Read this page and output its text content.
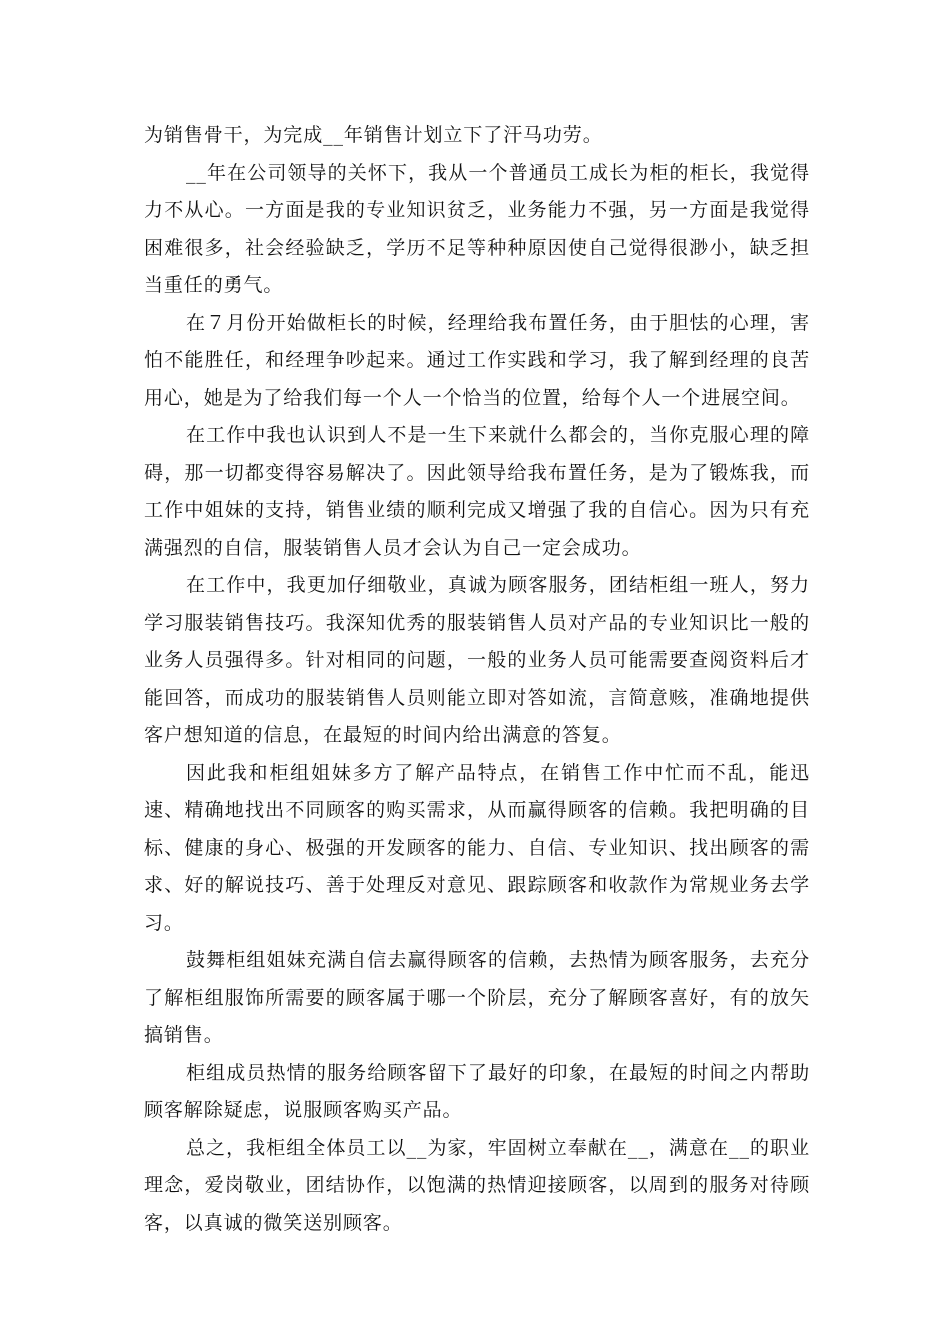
为销售骨干，为完成__年销售计划立下了汗马功劳。

__年在公司领导的关怀下，我从一个普通员工成长为柜的柜长，我觉得力不从心。一方面是我的专业知识贫乏，业务能力不强，另一方面是我觉得困难很多，社会经验缺乏，学历不足等种种原因使自己觉得很渺小，缺乏担当重任的勇气。

在７月份开始做柜长的时候，经理给我布置任务，由于胆怯的心理，害怕不能胜任，和经理争吵起来。通过工作实践和学习，我了解到经理的良苦用心，她是为了给我们每一个人一个恰当的位置，给每个人一个进展空间。

在工作中我也认识到人不是一生下来就什么都会的，当你克服心理的障碍，那一切都变得容易解决了。因此领导给我布置任务，是为了锻炼我，而工作中姐妹的支持，销售业绩的顺利完成又增强了我的自信心。因为只有充满强烈的自信，服装销售人员才会认为自己一定会成功。

在工作中，我更加仔细敬业，真诚为顾客服务，团结柜组一班人，努力学习服装销售技巧。我深知优秀的服装销售人员对产品的专业知识比一般的业务人员强得多。针对相同的问题，一般的业务人员可能需要查阅资料后才能回答，而成功的服装销售人员则能立即对答如流，言简意赅，准确地提供客户想知道的信息，在最短的时间内给出满意的答复。

因此我和柜组姐妹多方了解产品特点，在销售工作中忙而不乱，能迅速、精确地找出不同顾客的购买需求，从而赢得顾客的信赖。我把明确的目标、健康的身心、极强的开发顾客的能力、自信、专业知识、找出顾客的需求、好的解说技巧、善于处理反对意见、跟踪顾客和收款作为常规业务去学习。

鼓舞柜组姐妹充满自信去赢得顾客的信赖，去热情为顾客服务，去充分了解柜组服饰所需要的顾客属于哪一个阶层，充分了解顾客喜好，有的放矢搞销售。

柜组成员热情的服务给顾客留下了最好的印象，在最短的时间之内帮助顾客解除疑虑，说服顾客购买产品。

总之，我柜组全体员工以__为家，牢固树立奉献在__，满意在__的职业理念，爱岗敬业，团结协作，以饱满的热情迎接顾客，以周到的服务对待顾客，以真诚的微笑送别顾客。
